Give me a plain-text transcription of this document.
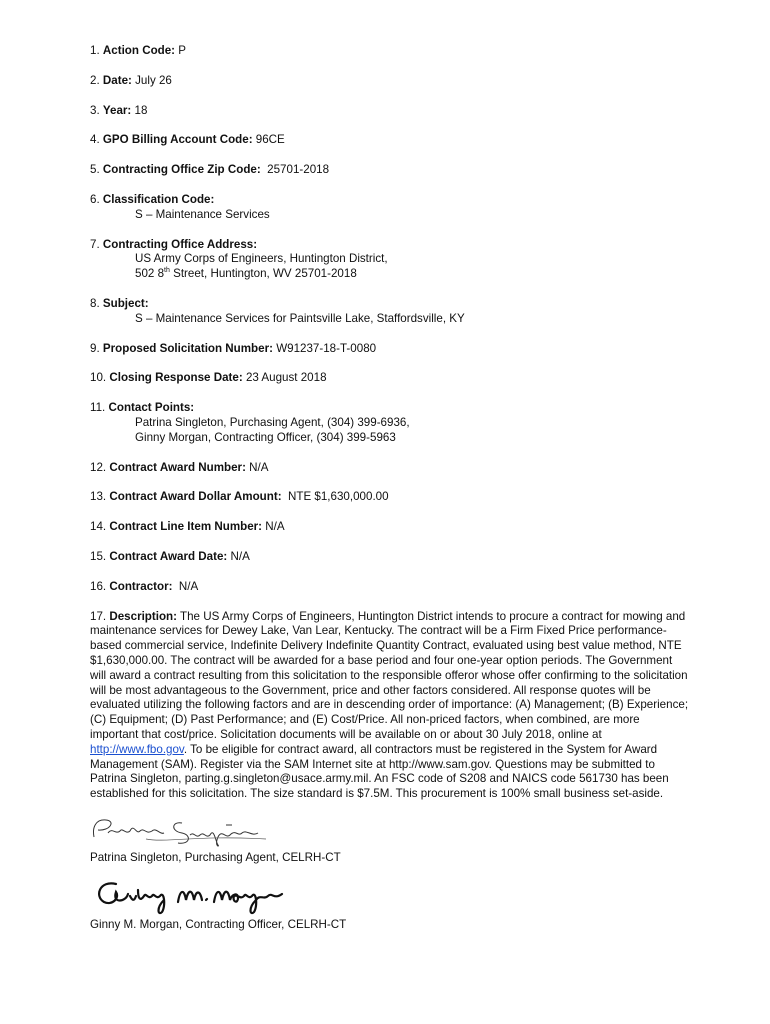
1. Action Code: P
2. Date: July 26
3. Year: 18
4. GPO Billing Account Code: 96CE
5. Contracting Office Zip Code:  25701-2018
6. Classification Code:
S – Maintenance Services
7. Contracting Office Address:
US Army Corps of Engineers, Huntington District,
502 8th Street, Huntington, WV 25701-2018
8. Subject:
S – Maintenance Services for Paintsville Lake, Staffordsville, KY
9. Proposed Solicitation Number: W91237-18-T-0080
10. Closing Response Date: 23 August 2018
11. Contact Points:
Patrina Singleton, Purchasing Agent, (304) 399-6936,
Ginny Morgan, Contracting Officer, (304) 399-5963
12. Contract Award Number: N/A
13. Contract Award Dollar Amount:  NTE $1,630,000.00
14. Contract Line Item Number: N/A
15. Contract Award Date: N/A
16. Contractor:  N/A
17. Description: The US Army Corps of Engineers, Huntington District intends to procure a contract for mowing and maintenance services for Dewey Lake, Van Lear, Kentucky. The contract will be a Firm Fixed Price performance-based commercial service, Indefinite Delivery Indefinite Quantity Contract, evaluated using best value method, NTE $1,630,000.00. The contract will be awarded for a base period and four one-year option periods. The Government will award a contract resulting from this solicitation to the responsible offeror whose offer confirming to the solicitation will be most advantageous to the Government, price and other factors considered. All response quotes will be evaluated utilizing the following factors and are in descending order of importance: (A) Management; (B) Experience; (C) Equipment; (D) Past Performance; and (E) Cost/Price. All non-priced factors, when combined, are more important that cost/price. Solicitation documents will be available on or about 30 July 2018, online at http://www.fbo.gov. To be eligible for contract award, all contractors must be registered in the System for Award Management (SAM). Register via the SAM Internet site at http://www.sam.gov. Questions may be submitted to Patrina Singleton, parting.g.singleton@usace.army.mil. An FSC code of S208 and NAICS code 561730 has been established for this solicitation. The size standard is $7.5M. This procurement is 100% small business set-aside.
Patrina Singleton, Purchasing Agent, CELRH-CT
Ginny M. Morgan, Contracting Officer, CELRH-CT
